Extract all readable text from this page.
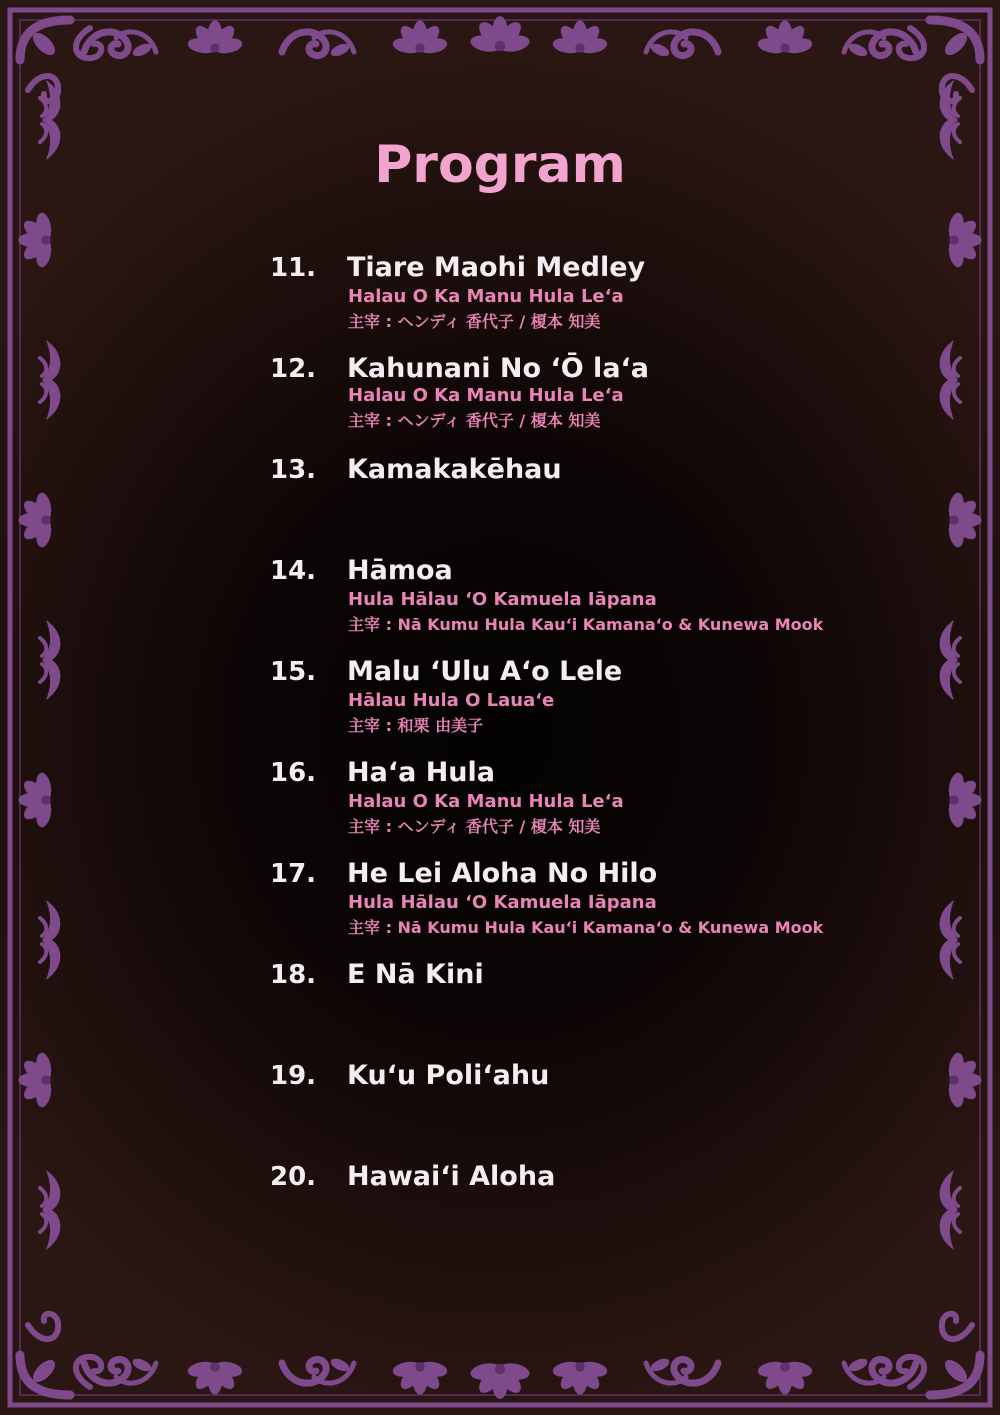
Program
11. Tiare Maohi Medley
Halau O Ka Manu Hula Leʻa
主宰 : ヘンディ 香代子 / 榎本 知美
12. Kahunani No ʻŌ laʻa
Halau O Ka Manu Hula Leʻa
主宰 : ヘンディ 香代子 / 榎本 知美
13. Kamakakēhau
14. Hāmoa
Hula Hālau ʻO Kamuela Iāpana
主宰 : Nā Kumu Hula Kauʻi Kamanaʻo & Kunewa Mook
15. Malu ʻUlu Aʻo Lele
Hālau Hula O Lauaʻe
主宰 : 和栗 由美子
16. Haʻa Hula
Halau O Ka Manu Hula Leʻa
主宰 : ヘンディ 香代子 / 榎本 知美
17. He Lei Aloha No Hilo
Hula Hālau ʻO Kamuela Iāpana
主宰 : Nā Kumu Hula Kauʻi Kamanaʻo & Kunewa Mook
18. E Nā Kini
19. Kuʻu Poliʻahu
20. Hawaiʻi Aloha
